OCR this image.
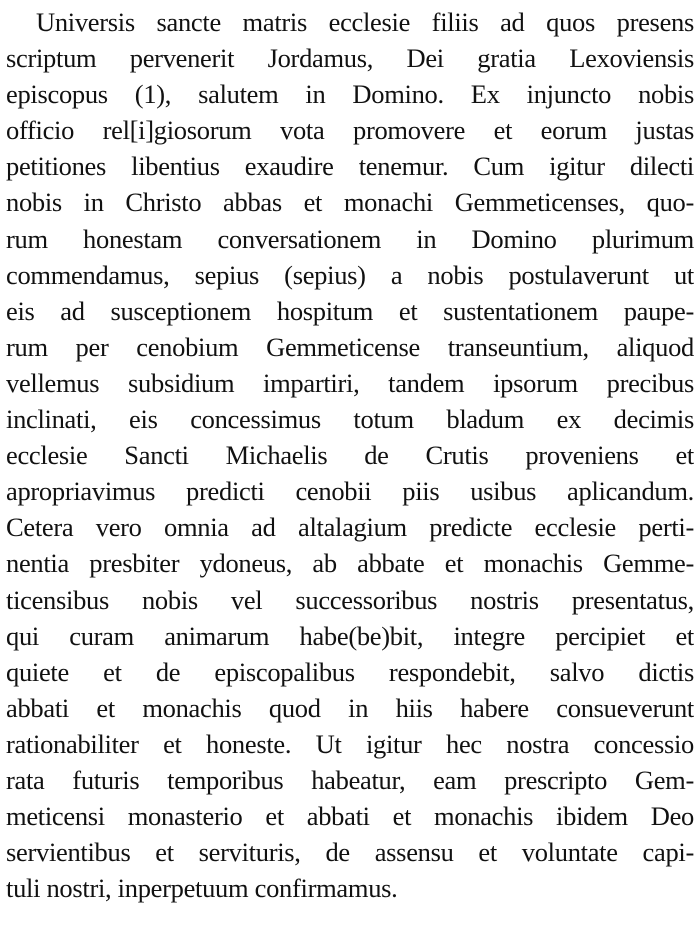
Universis sancte matris ecclesie filiis ad quos presens
scriptum pervenerit Jordamus, Dei gratia Lexoviensis
episcopus (1), salutem in Domino. Ex injuncto nobis
officio rel[i]giosorum vota promovere et eorum justas
petitiones libentius exaudire tenemur. Cum igitur dilecti
nobis in Christo abbas et monachi Gemmeticenses, quo-
rum honestam conversationem in Domino plurimum
commendamus, sepius (sepius) a nobis postulaverunt ut
eis ad susceptionem hospitum et sustentationem paupe-
rum per cenobium Gemmeticense transeuntium, aliquod
vellemus subsidium impartiri, tandem ipsorum precibus
inclinati, eis concessimus totum bladum ex decimis
ecclesie Sancti Michaelis de Crutis proveniens et
apropriavimus predicti cenobii piis usibus aplicandum.
Cetera vero omnia ad altalagium predicte ecclesie perti-
nentia presbiter ydoneus, ab abbate et monachis Gemme-
ticensibus nobis vel successoribus nostris presentatus,
qui curam animarum habe(be)bit, integre percipiet et
quiete et de episcopalibus respondebit, salvo dictis
abbati et monachis quod in hiis habere consueverunt
rationabiliter et honeste. Ut igitur hec nostra concessio
rata futuris temporibus habeatur, eam prescripto Gem-
meticensi monasterio et abbati et monachis ibidem Deo
servientibus et servituris, de assensu et voluntate capi-
tuli nostri, inperpetuum confirmamus.
